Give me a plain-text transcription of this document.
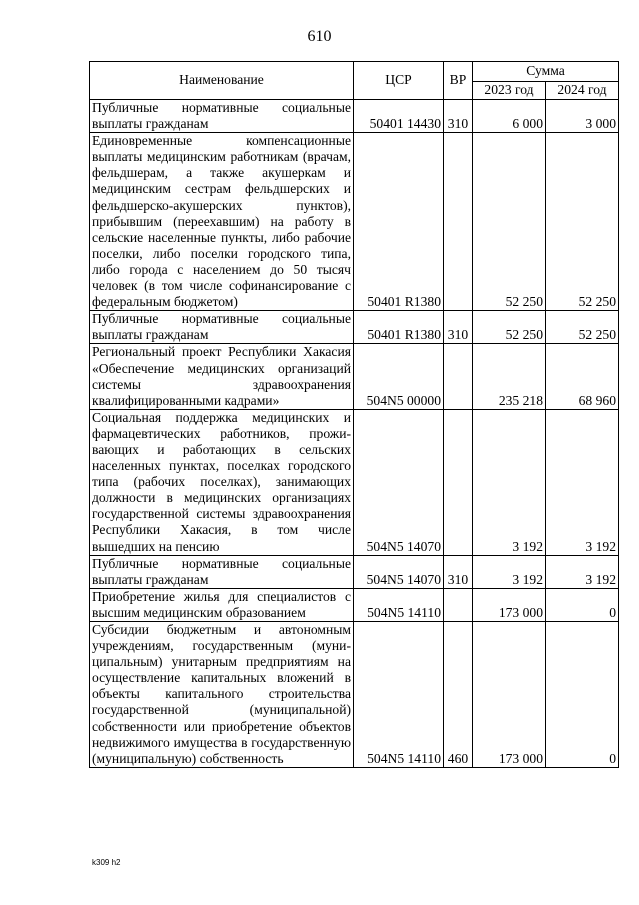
610
Наименование	ЦСР	ВР	Сумма	
			2023 год	2024 год
Публичные нормативные социальные выплаты гражданам	50401 14430	310	6 000	3 000
Единовременные компенсационные выплаты медицинским работникам (врачам, фельдшерам, а также акушеркам и медицинским сестрам фельдшерских и фельдшерско-акушерских пунктов), прибывшим (переехавшим) на работу в сельские населенные пункты, либо рабочие поселки, либо поселки городского типа, либо города с населением до 50 тысяч человек (в том числе софинансирование с федеральным бюджетом)	50401 R1380		52 250	52 250
Публичные нормативные социальные выплаты гражданам	50401 R1380	310	52 250	52 250
Региональный проект Республики Хакасия «Обеспечение медицинских организаций системы здравоохранения квалифицированными кадрами»	504N5 00000		235 218	68 960
Социальная поддержка медицинских и фармацевтических работников, проживающих и работающих в сельских населенных пунктах, поселках городского типа (рабочих поселках), занимающих должности в медицинских организациях государственной системы здравоохранения Республики Хакасия, в том числе вышедших на пенсию	504N5 14070		3 192	3 192
Публичные нормативные социальные выплаты гражданам	504N5 14070	310	3 192	3 192
Приобретение жилья для специалистов с высшим медицинским образованием	504N5 14110		173 000	0
Субсидии бюджетным и автономным учреждениям, государственным (муниципальным) унитарным предприятиям на осуществление капитальных вложений в объекты капитального строительства государственной (муниципальной) собственности или приобретение объектов недвижимого имущества в государственную (муниципальную) собственность	504N5 14110	460	173 000	0
k309 h2
